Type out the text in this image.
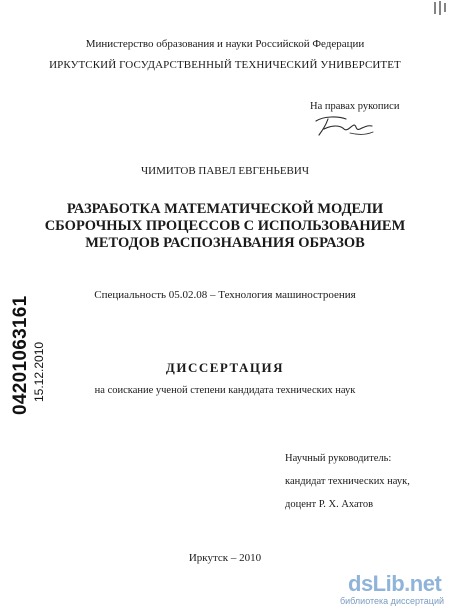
Министерство образования и науки Российской Федерации
ИРКУТСКИЙ ГОСУДАРСТВЕННЫЙ ТЕХНИЧЕСКИЙ УНИВЕРСИТЕТ
На правах рукописи
ЧИМИТОВ ПАВЕЛ ЕВГЕНЬЕВИЧ
РАЗРАБОТКА МАТЕМАТИЧЕСКОЙ МОДЕЛИ
СБОРОЧНЫХ ПРОЦЕССОВ С ИСПОЛЬЗОВАНИЕМ
МЕТОДОВ РАСПОЗНАВАНИЯ ОБРАЗОВ
Специальность 05.02.08 – Технология машиностроения
ДИССЕРТАЦИЯ
на соискание ученой степени кандидата технических наук
Научный руководитель:
кандидат технических наук,
доцент Р. Х. Ахатов
Иркутск – 2010
04201063161 15.12.2010
dsLib.net
библиотека диссертаций
